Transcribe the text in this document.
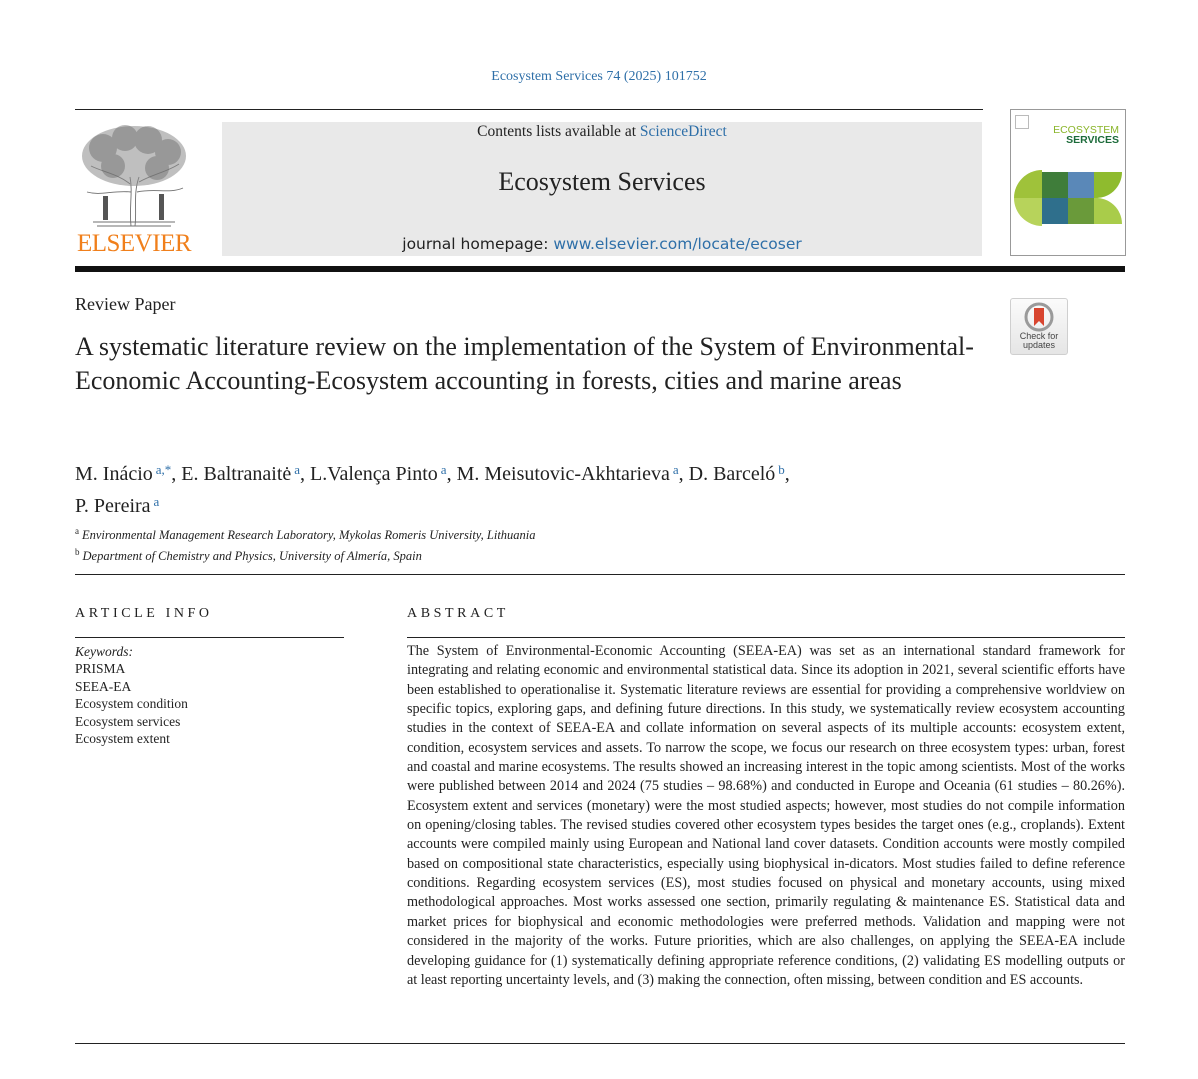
Ecosystem Services 74 (2025) 101752
ELSEVIER
Contents lists available at ScienceDirect
Ecosystem Services
journal homepage: www.elsevier.com/locate/ecoser
ECOSYSTEM
SERVICES
Review Paper
Check for
updates
A systematic literature review on the implementation of the System of Environmental-Economic Accounting-Ecosystem accounting in forests, cities and marine areas
M. Inácio $^{a,*}$, E. Baltranaitė $^a$, L.Valença Pinto $^a$, M. Meisutovic-Akhtarieva $^a$, D. Barceló $^b$,
P. Pereira $^a$
$^a$ Environmental Management Research Laboratory, Mykolas Romeris University, Lithuania
$^b$ Department of Chemistry and Physics, University of Almería, Spain
ARTICLE INFO
Keywords:
PRISMA
SEEA-EA
Ecosystem condition
Ecosystem services
Ecosystem extent
ABSTRACT
The System of Environmental-Economic Accounting (SEEA-EA) was set as an international standard framework for integrating and relating economic and environmental statistical data. Since its adoption in 2021, several scientific efforts have been established to operationalise it. Systematic literature reviews are essential for providing a comprehensive worldview on specific topics, exploring gaps, and defining future directions. In this study, we systematically review ecosystem accounting studies in the context of SEEA-EA and collate information on several aspects of its multiple accounts: ecosystem extent, condition, ecosystem services and assets. To narrow the scope, we focus our research on three ecosystem types: urban, forest and coastal and marine ecosystems. The results showed an increasing interest in the topic among scientists. Most of the works were published between 2014 and 2024 (75 studies – 98.68%) and conducted in Europe and Oceania (61 studies – 80.26%). Ecosystem extent and services (monetary) were the most studied aspects; however, most studies do not compile information on opening/closing tables. The revised studies covered other ecosystem types besides the target ones (e.g., croplands). Extent accounts were compiled mainly using European and National land cover datasets. Condition accounts were mostly compiled based on compositional state characteristics, especially using biophysical in-dicators. Most studies failed to define reference conditions. Regarding ecosystem services (ES), most studies focused on physical and monetary accounts, using mixed methodological approaches. Most works assessed one section, primarily regulating & maintenance ES. Statistical data and market prices for biophysical and economic methodologies were preferred methods. Validation and mapping were not considered in the majority of the works. Future priorities, which are also challenges, on applying the SEEA-EA include developing guidance for (1) systematically defining appropriate reference conditions, (2) validating ES modelling outputs or at least reporting uncertainty levels, and (3) making the connection, often missing, between condition and ES accounts.
